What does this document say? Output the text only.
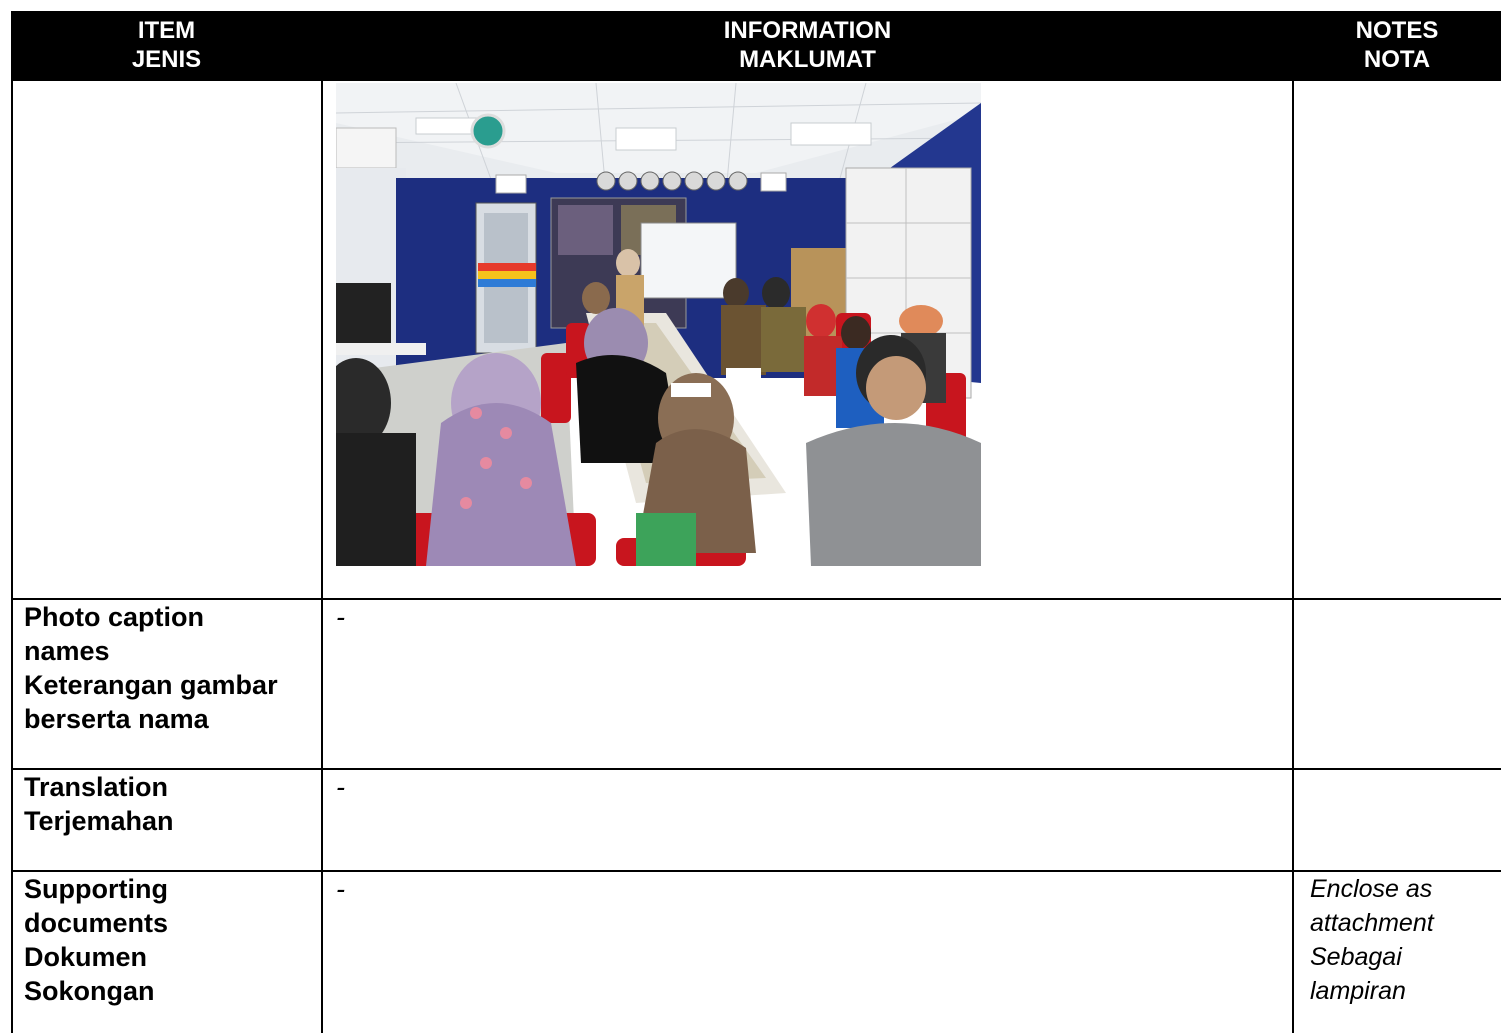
ITEM
JENIS
INFORMATION
MAKLUMAT
NOTES
NOTA
Photo caption
names
Keterangan gambar
berserta nama
-
Translation
Terjemahan
-
Supporting
documents
Dokumen
Sokongan
-	Enclose as
attachment
Sebagai
lampiran
